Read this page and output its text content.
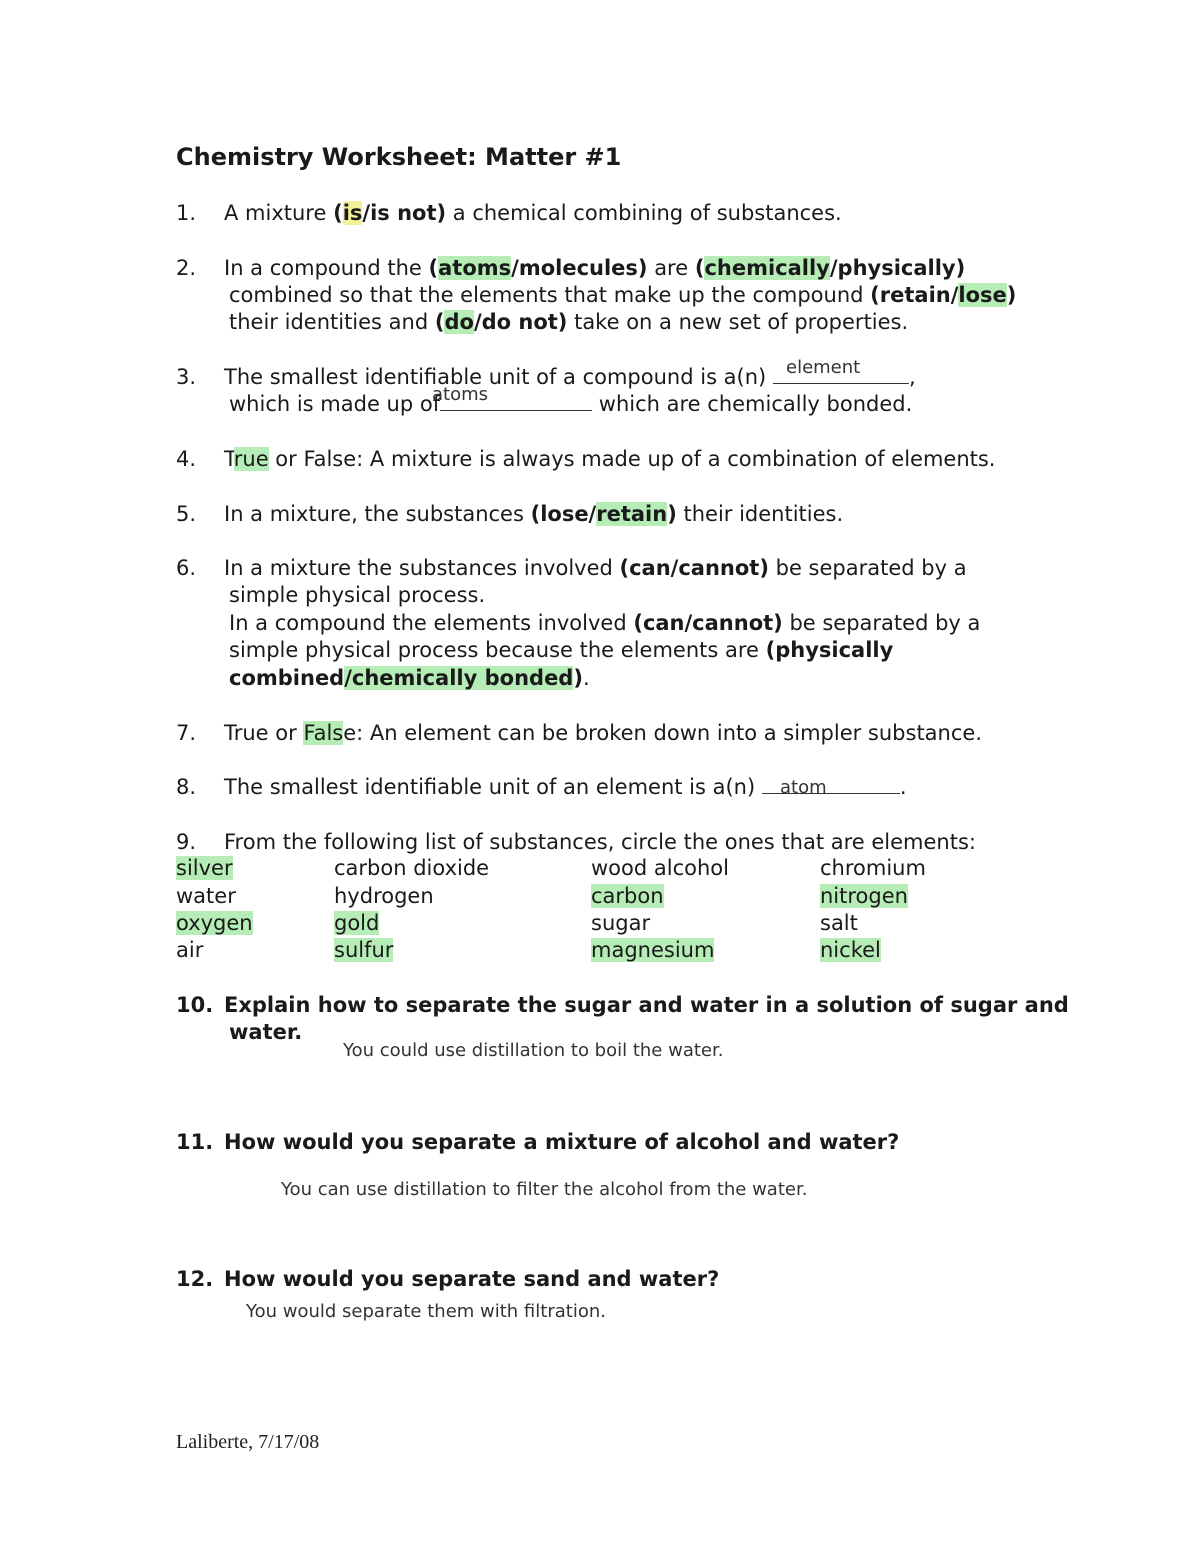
Chemistry Worksheet: Matter #1
1. A mixture (is/is not) a chemical combining of substances.
2. In a compound the (atoms/molecules) are (chemically/physically)
combined so that the elements that make up the compound (retain/lose)
their identities and (do/do not) take on a new set of properties.
3. The smallest identifiable unit of a compound is a(n)	,
element
which is made up of	which are chemically bonded.
atoms
4. True or False: A mixture is always made up of a combination of elements.
5. In a mixture, the substances (lose/retain) their identities.
6. In a mixture the substances involved (can/cannot) be separated by a
simple physical process.
In a compound the elements involved (can/cannot) be separated by a
simple physical process because the elements are (physically
combined/chemically bonded).
7. True or False: An element can be broken down into a simpler substance.
8. The smallest identifiable unit of an element is a(n)	.
atom
9. From the following list of substances, circle the ones that are elements:
silver	carbon dioxide	wood alcohol	chromium
water	hydrogen	carbon	nitrogen
oxygen	gold	sugar	salt
air	sulfur	magnesium	nickel
10. Explain how to separate the sugar and water in a solution of sugar and
water.
You could use distillation to boil the water.
11. How would you separate a mixture of alcohol and water?
You can use distillation to filter the alcohol from the water.
12. How would you separate sand and water?
You would separate them with filtration.
Laliberte, 7/17/08
